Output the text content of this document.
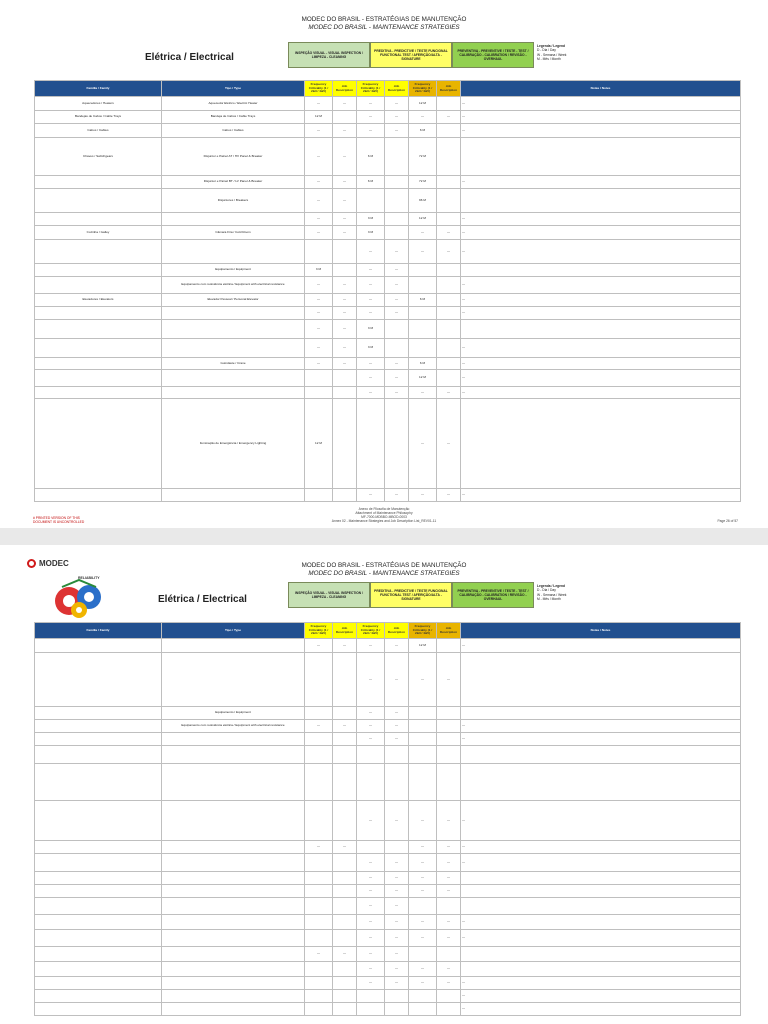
MODEC DO BRASIL - ESTRATÉGIAS DE MANUTENÇÃO
MODEC DO BRASIL - MAINTENANCE STRATEGIES
Elétrica / Electrical	INSPEÇÃO VISUAL - VISUAL INSPECTION / LIMPEZA - CLEANING
PREDITIVA - PREDICTIVE / TESTE FUNCIONAL FUNCTIONAL TEST / AFERIÇÃO/ALTA - SIGNATURE
PREVENTIVA - PREVENTIVE / TESTE - TEST / CALIBRAÇÃO - CALIBRATION / REVISÃO - OVERHAUL
Legenda / Legend
D - Dia / Day
W - Semana / Week
M - Mês / Month
Família / Family	Tipo / Type	Frequency Criticality (1 / 2&3 / 4&5)	Job Description	Frequency Criticality (1 / 2&3 / 4&5)	Job Description	Frequency Criticality (1 / 2&3 / 4&5)	Job Description	Notas / Notes
Aquecedores / Heaters	Aquecedor Elétrico / Electric Heater	---	---	---	---	12 M		---
Bandejas de Cabos / Cable Trays	Bandeja de Cabos / Cable Trays	12 M		---	---	---	---	---
Cabos / Cables	Cabos / Cables	---	---	---	---	6 M		---
Chaves / Switchgears	Disjuntor e Painel AT / HV Panel & Breaker	---	---	6 M		72 M		
	Disjuntor e Painel BT / LV Panel & Breaker	---	---	6 M		72 M		---
	Disjuntores / Breakers	---	---			96 M		
		---	---	3 M		12 M		---
Cozinha / Galley	Câmara Fria / Cold Room	---	---	3 M		---	---	---
				---	---	---	---	---
	Equipamento / Equipment	3 M		---	---			
	Equipamento com resistência elétrica / Equipment with electrical resistance	---	---	---	---			---
Elevadores / Elevators	Elevador Pessoal / Personal Elevator	---	---	---	---	6 M		---
		---	---	---	---			---
		---	---	3 M				
		---	---	3 M				---
	Guindaste / Crane	---	---	---	---	6 M		---
				---	---	12 M		---
				---	---	---	---	---
	Iluminação de Emergência / Emergency Lighting	12 M				---	---	
				---	---	---	---	---
# PRINTED VERSION OF THIS
DOCUMENT IS UNCONTROLLED
Anexo de Filosofia de Manutenção
Attachment of Maintenance Philosophy
MF-7000-MDBBO-MBOD-0003
Annex 02 - Maintenance Strategies and Job Description List_REV01-11	Page 26 of 57
MODEC
RELIABILITY
MODEC DO BRASIL - ESTRATÉGIAS DE MANUTENÇÃO
MODEC DO BRASIL - MAINTENANCE STRATEGIES
Elétrica / Electrical
INSPEÇÃO VISUAL - VISUAL INSPECTION / LIMPEZA - CLEANING
PREDITIVA - PREDICTIVE / TESTE FUNCIONAL FUNCTIONAL TEST / AFERIÇÃO/ALTA - SIGNATURE
PREVENTIVA - PREVENTIVE / TESTE - TEST / CALIBRAÇÃO - CALIBRATION / REVISÃO - OVERHAUL
Legenda / Legend
D - Dia / Day
W - Semana / Week
M - Mês / Month
Família / Family	Tipo / Type	Frequency Criticality (1 / 2&3 / 4&5)	Job Description	Frequency Criticality (1 / 2&3 / 4&5)	Job Description	Frequency Criticality (1 / 2&3 / 4&5)	Job Description	Notas / Notes
		---	---	---	---	12 M		---
				---	---	---	---	
	Equipamento / Equipment			---	---			
	Equipamento com resistência elétrica / Equipment with electrical resistance	---	---	---	---			---
				---	---			---

				---	---	---	---	---
		---	---			---	---	---
				---	---	---	---	---
				---	---	---	---	
				---	---	---	---	
				---	---			
				---	---	---	---	---
				---	---	---	---	---
		---	---	---	---			
				---	---	---	---	
				---	---	---	---	---
								---
								---
